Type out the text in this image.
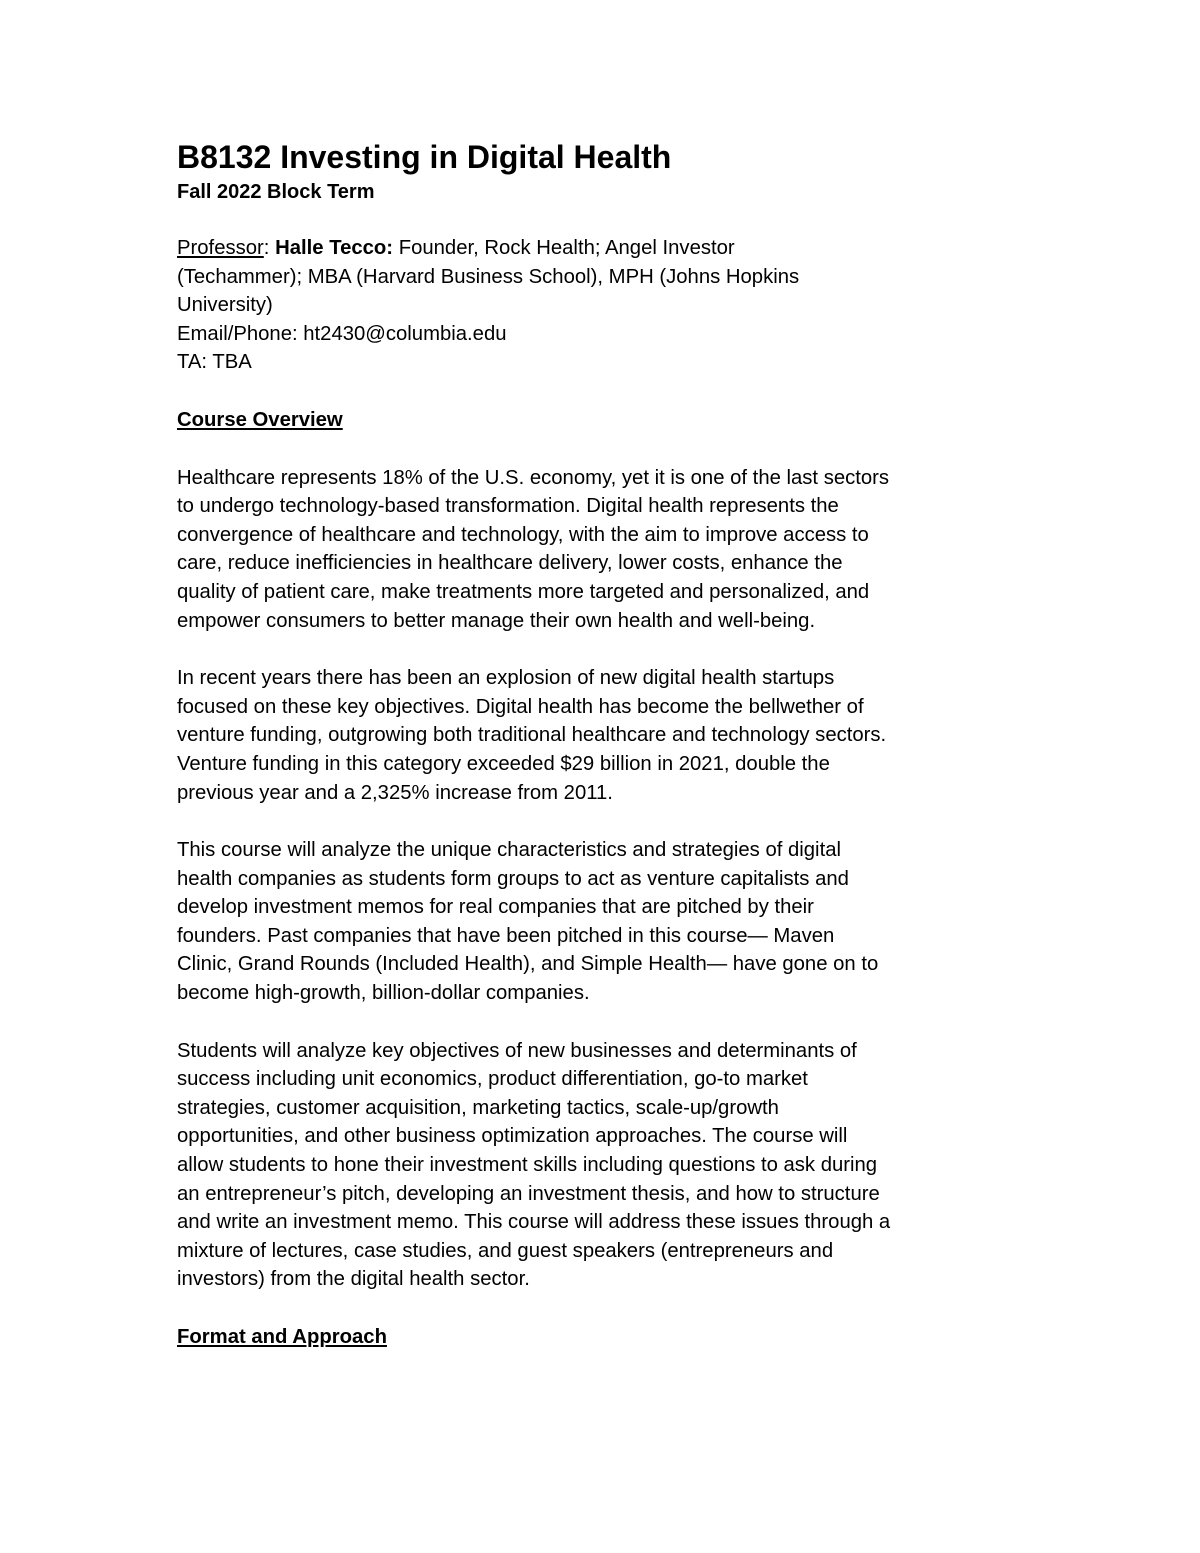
B8132 Investing in Digital Health
Fall 2022 Block Term

Professor: Halle Tecco: Founder, Rock Health; Angel Investor

(Techammer); MBA (Harvard Business School), MPH (Johns Hopkins

University)

Email/Phone: ht2430@columbia.edu

TA: TBA

Course Overview
Healthcare represents 18% of the U.S. economy, yet it is one of the last sectors
to undergo technology-based transformation. Digital health represents the
convergence of healthcare and technology, with the aim to improve access to
care, reduce inefficiencies in healthcare delivery, lower costs, enhance the
quality of patient care, make treatments more targeted and personalized, and
empower consumers to better manage their own health and well-being.
In recent years there has been an explosion of new digital health startups
focused on these key objectives. Digital health has become the bellwether of
venture funding, outgrowing both traditional healthcare and technology sectors.
Venture funding in this category exceeded $29 billion in 2021, double the
previous year and a 2,325% increase from 2011.
This course will analyze the unique characteristics and strategies of digital
health companies as students form groups to act as venture capitalists and
develop investment memos for real companies that are pitched by their
founders. Past companies that have been pitched in this course— Maven
Clinic, Grand Rounds (Included Health), and Simple Health— have gone on to
become high-growth, billion-dollar companies.
Students will analyze key objectives of new businesses and determinants of
success including unit economics, product differentiation, go-to market
strategies, customer acquisition, marketing tactics, scale-up/growth
opportunities, and other business optimization approaches. The course will
allow students to hone their investment skills including questions to ask during
an entrepreneur’s pitch, developing an investment thesis, and how to structure
and write an investment memo. This course will address these issues through a
mixture of lectures, case studies, and guest speakers (entrepreneurs and
investors) from the digital health sector.
Format and Approach
